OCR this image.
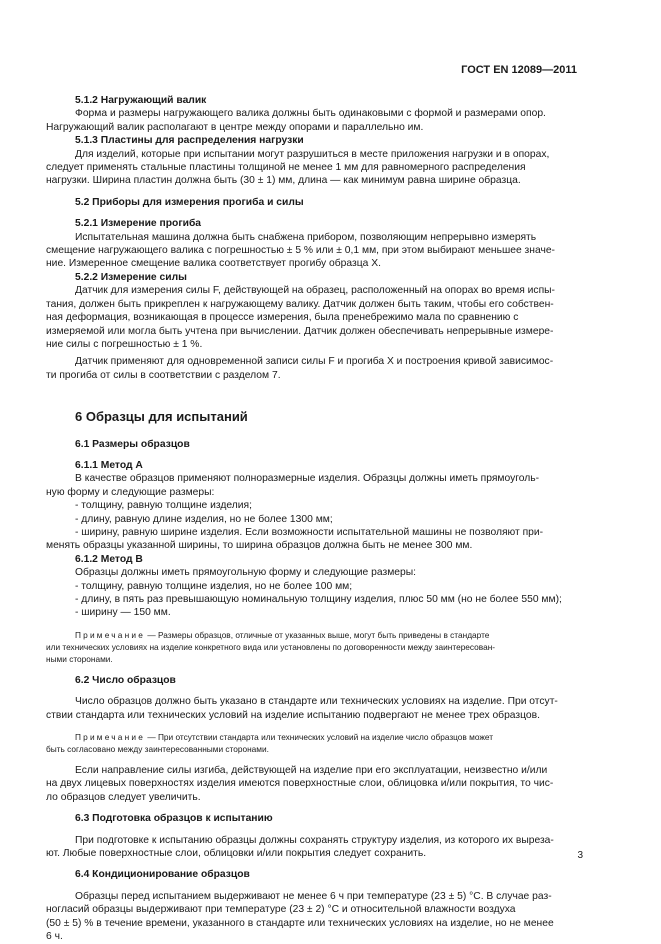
ГОСТ EN 12089—2011

5.1.2 Нагружающий валик

Форма и размеры нагружающего валика должны быть одинаковыми с формой и размерами опор.

Нагружающий валик располагают в центре между опорами и параллельно им.

5.1.3 Пластины для распределения нагрузки

Для изделий, которые при испытании могут разрушиться в месте приложения нагрузки и в опорах,

следует применять стальные пластины толщиной не менее 1 мм для равномерного распределения

нагрузки. Ширина пластин должна быть (30 ± 1) мм, длина — как минимум равна ширине образца.

5.2 Приборы для измерения прогиба и силы

5.2.1 Измерение прогиба

Испытательная машина должна быть снабжена прибором, позволяющим непрерывно измерять

смещение нагружающего валика с погрешностью ± 5 % или ± 0,1 мм, при этом выбирают меньшее значе-

ние. Измеренное смещение валика соответствует прогибу образца X.

5.2.2 Измерение силы

Датчик для измерения силы F, действующей на образец, расположенный на опорах во время испы-

тания, должен быть прикреплен к нагружающему валику. Датчик должен быть таким, чтобы его собствен-

ная деформация, возникающая в процессе измерения, была пренебрежимо мала по сравнению с

измеряемой или могла быть учтена при вычислении. Датчик должен обеспечивать непрерывные измере-

ние силы с погрешностью ± 1 %.

Датчик применяют для одновременной записи силы F и прогиба X и построения кривой зависимос-

ти прогиба от силы в соответствии с разделом 7.

6 Образцы для испытаний

6.1 Размеры образцов

6.1.1 Метод А

В качестве образцов применяют полноразмерные изделия. Образцы должны иметь прямоуголь-

ную форму и следующие размеры:

- толщину, равную толщине изделия;

- длину, равную длине изделия, но не более 1300 мм;

- ширину, равную ширине изделия. Если возможности испытательной машины не позволяют при-

менять образцы указанной ширины, то ширина образцов должна быть не менее 300 мм.

6.1.2 Метод В

Образцы должны иметь прямоугольную форму и следующие размеры:

- толщину, равную толщине изделия, но не более 100 мм;

- длину, в пять раз превышающую номинальную толщину изделия, плюс 50 мм (но не более 550 мм);

- ширину — 150 мм.

Примечание — Размеры образцов, отличные от указанных выше, могут быть приведены в стандарте
или технических условиях на изделие конкретного вида или установлены по договоренности между заинтересован-
ными сторонами.

6.2 Число образцов

Число образцов должно быть указано в стандарте или технических условиях на изделие. При отсут-

ствии стандарта или технических условий на изделие испытанию подвергают не менее трех образцов.

Примечание — При отсутствии стандарта или технических условий на изделие число образцов может
быть согласовано между заинтересованными сторонами.

Если направление силы изгиба, действующей на изделие при его эксплуатации, неизвестно и/или

на двух лицевых поверхностях изделия имеются поверхностные слои, облицовка и/или покрытия, то чис-

ло образцов следует увеличить.

6.3 Подготовка образцов к испытанию

При подготовке к испытанию образцы должны сохранять структуру изделия, из которого их выреза-

ют. Любые поверхностные слои, облицовки и/или покрытия следует сохранить.

6.4 Кондиционирование образцов

Образцы перед испытанием выдерживают не менее 6 ч при температуре (23 ± 5) °С. В случае раз-

ногласий образцы выдерживают при температуре (23 ± 2) °С и относительной влажности воздуха

(50 ± 5) % в течение времени, указанного в стандарте или технических условиях на изделие, но не менее

6 ч.

3
